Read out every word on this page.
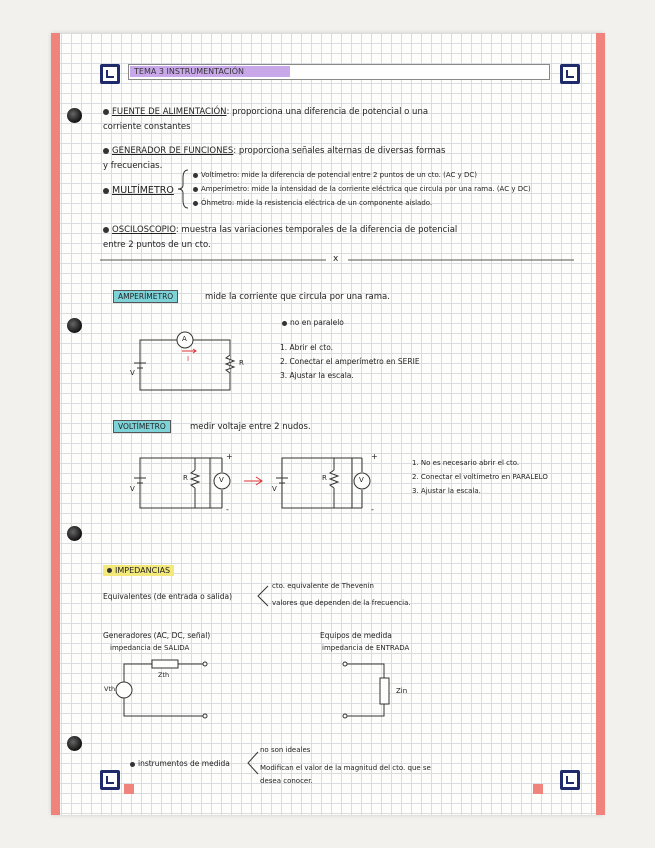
TEMA 3 INSTRUMENTACIÓN
FUENTE DE ALIMENTACIÓN: proporciona una diferencia de potencial o una
corriente constantes
GENERADOR DE FUNCIONES: proporciona señales alternas de diversas formas
y frecuencias.
MULTÍMETRO
Voltímetro: mide la diferencia de potencial entre 2 puntos de un cto. (AC y DC)
Amperímetro: mide la intensidad de la corriente eléctrica que circula por una rama. (AC y DC)
Óhmetro: mide la resistencia eléctrica de un componente aislado.
OSCILOSCOPIO: muestra las variaciones temporales de la diferencia de potencial
entre 2 puntos de un cto.
x
AMPERÍMETRO	mide la corriente que circula por una rama.
no en paralelo
1. Abrir el cto.
2. Conectar el amperímetro en SERIE
3. Ajustar la escala.
A
V
R
I
VOLTÍMETRO	medir voltaje entre 2 nudos.
1. No es necesario abrir el cto.
2. Conectar el voltímetro en PARALELO
3. Ajustar la escala.
V	V
V	V
R	R
+	+
-	-
IMPEDANCIAS
Equivalentes (de entrada o salida)
cto. equivalente de Thevenin
valores que dependen de la frecuencia.
Generadores (AC, DC, señal)
impedancia de SALIDA
Equipos de medida
impedancia de ENTRADA
Zth
Vth	Zin
instrumentos de medida
no son ideales
Modifican el valor de la magnitud del cto. que se
desea conocer.
